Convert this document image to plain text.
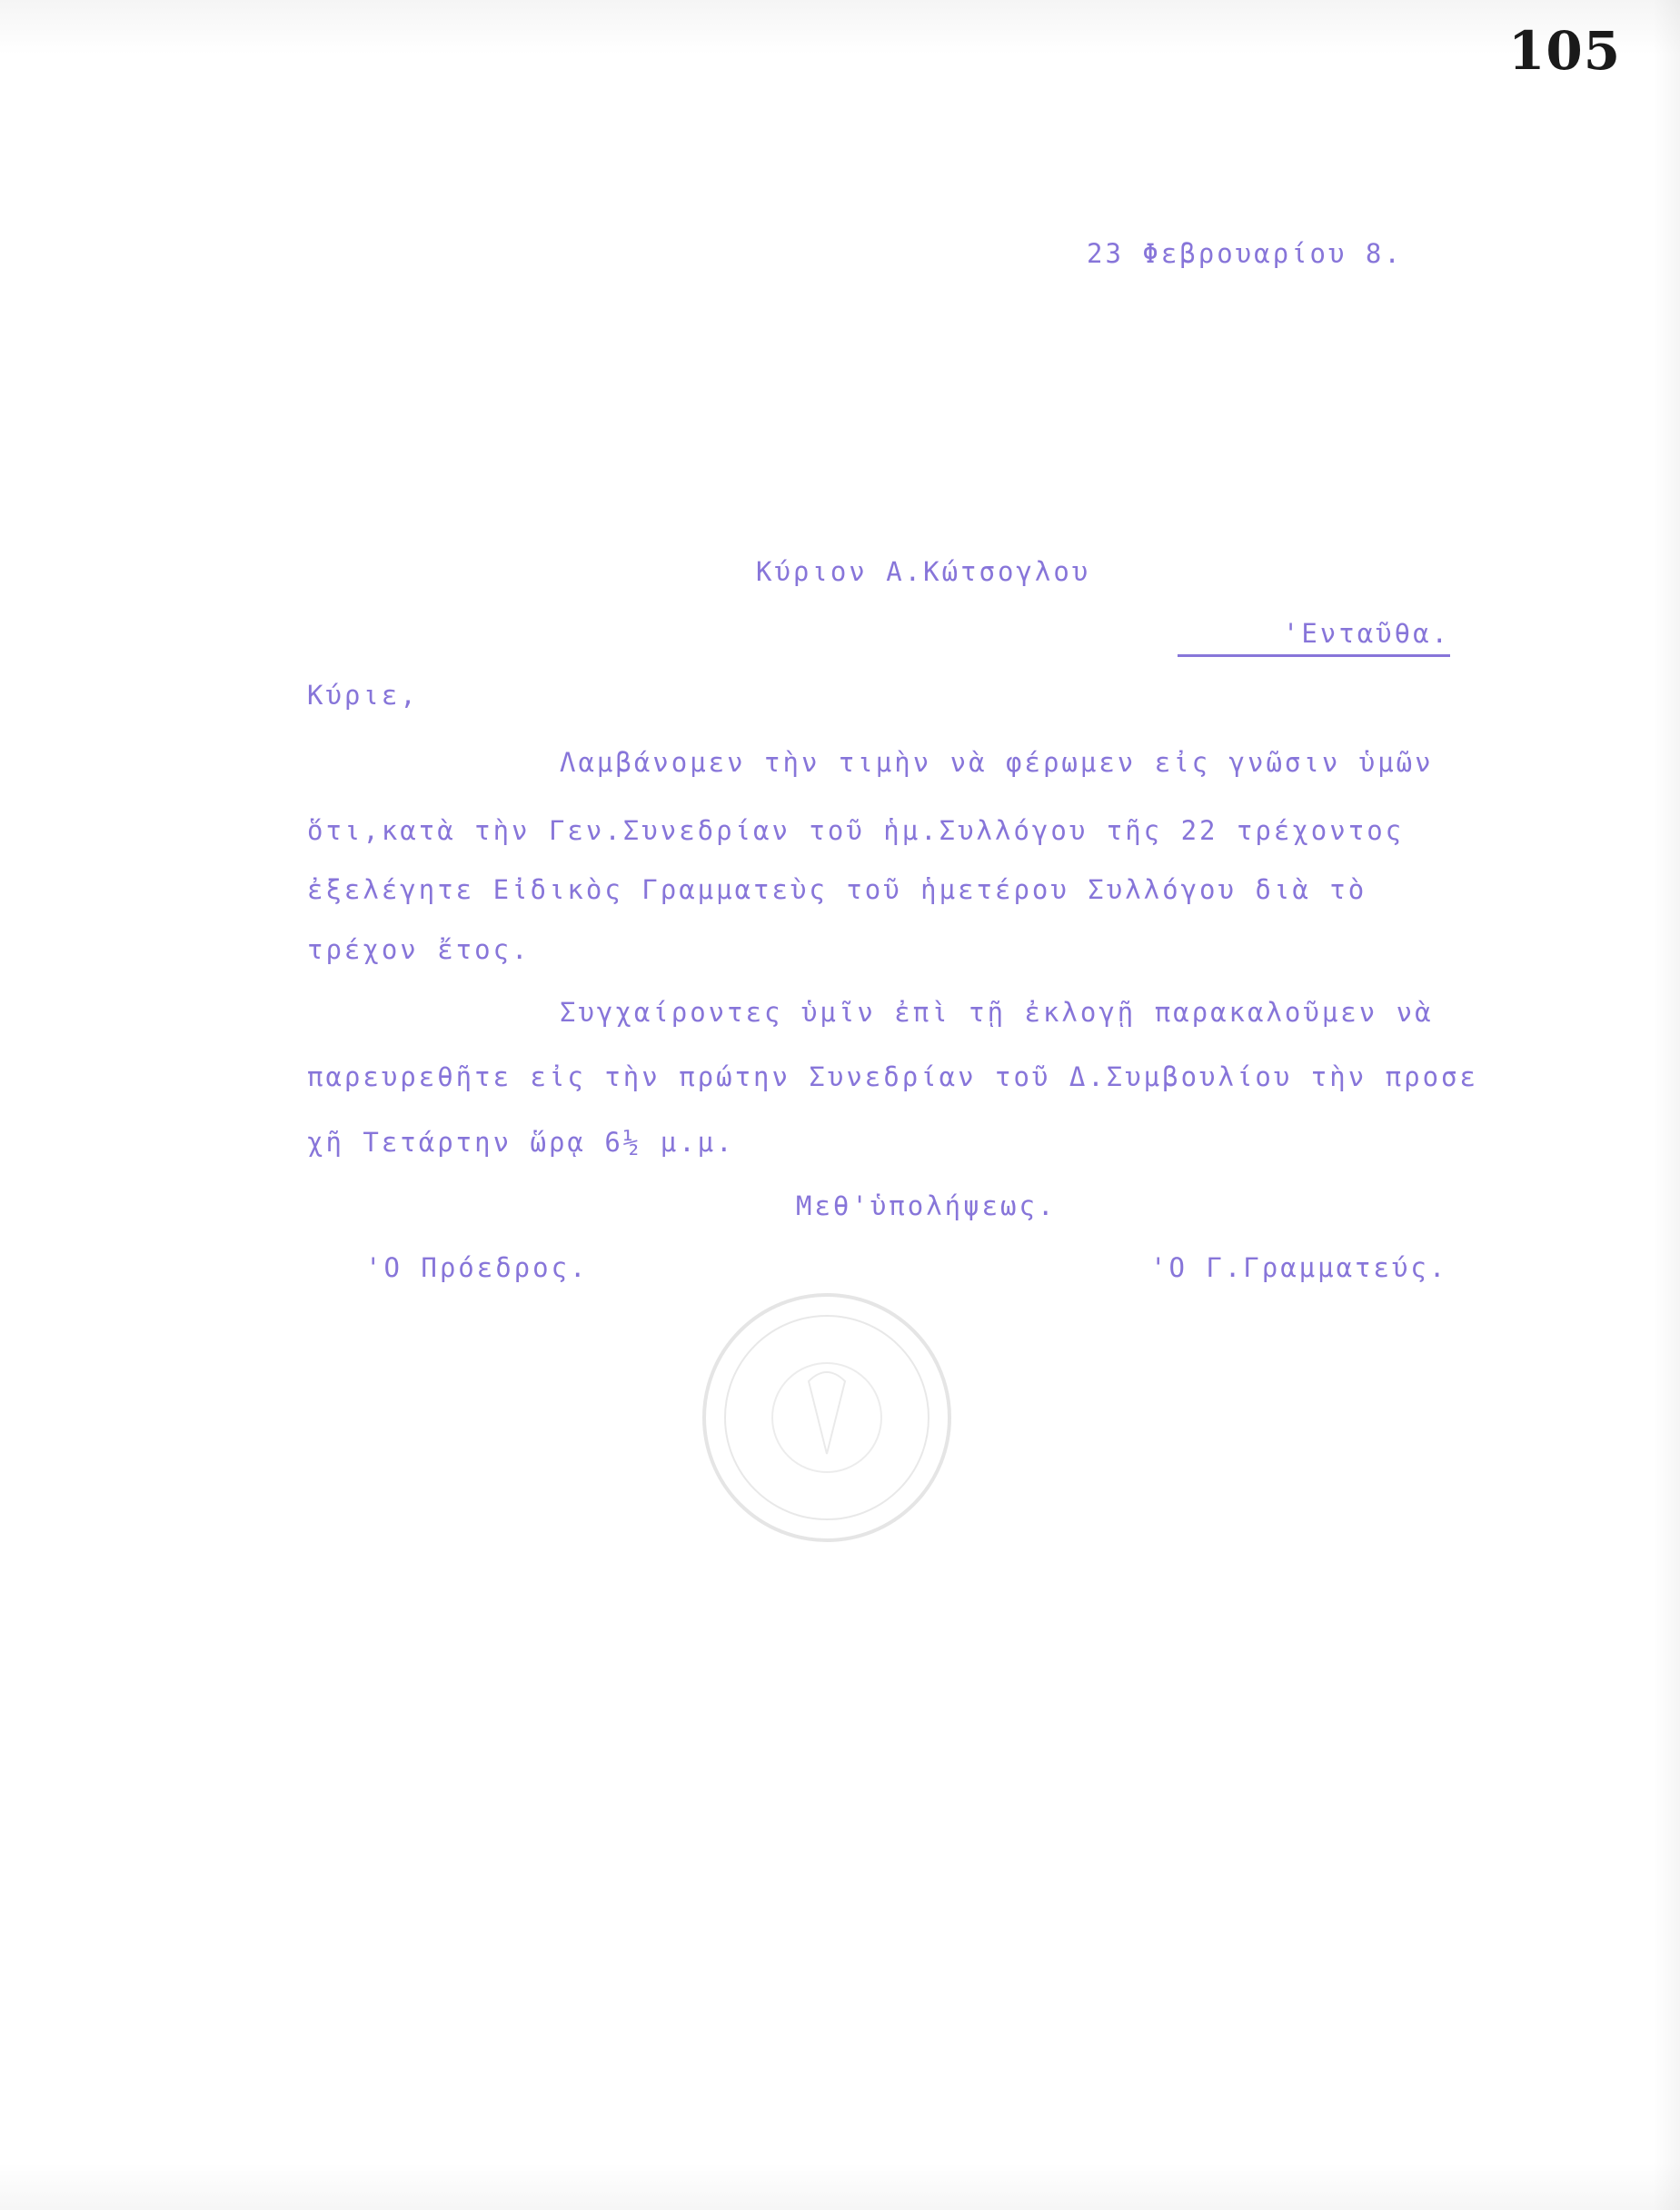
105
23 Φεβρουαρίου 8.
Κύριον Α.Κώτσογλου
'Ενταῦθα.
Κύριε,
Λαμβάνομεν τὴν τιμὴν νὰ φέρωμεν εἰς γνῶσιν ὑμῶν
ὅτι,κατὰ τὴν Γεν.Συνεδρίαν τοῦ ἡμ.Συλλόγου τῆς 22 τρέχοντος
ἐξελέγητε Εἰδικὸς Γραμματεὺς τοῦ ἡμετέρου Συλλόγου διὰ τὸ
τρέχον ἔτος.
Συγχαίροντες ὑμῖν ἐπὶ τῇ ἐκλογῇ παρακαλοῦμεν νὰ
παρευρεθῆτε εἰς τὴν πρώτην Συνεδρίαν τοῦ Δ.Συμβουλίου τὴν προσε
χῆ Τετάρτην ὥρᾳ 6½ μ.μ.
Μεθ'ὑπολήψεως.
'Ο Πρόεδρος.	'Ο Γ.Γραμματεύς.
